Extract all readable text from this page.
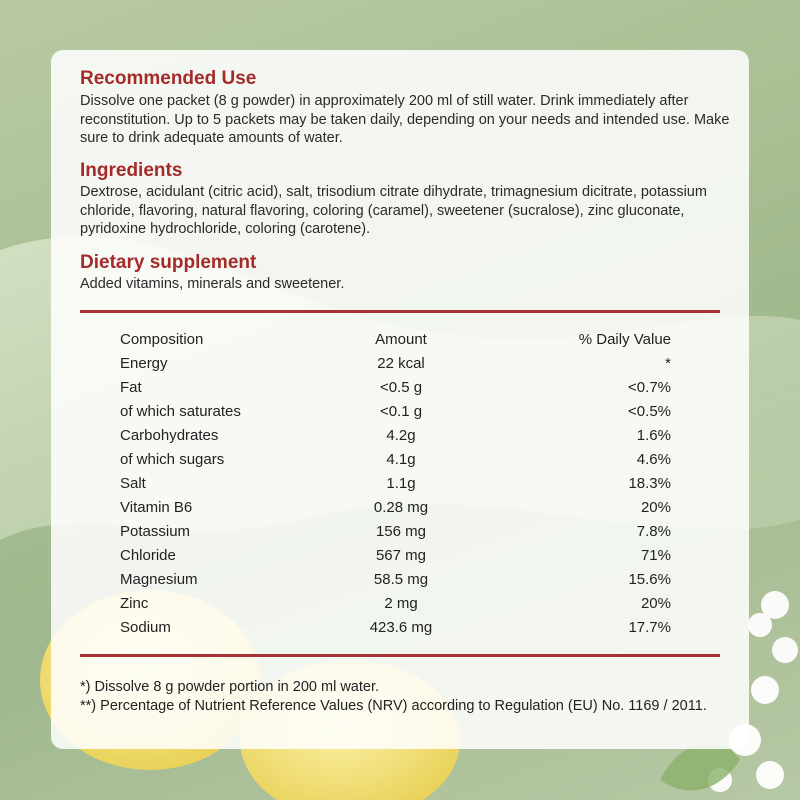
Recommended Use

Dissolve one packet (8 g powder) in approximately 200 ml of still water. Drink immediately after reconstitution. Up to 5 packets may be taken daily, depending on your needs and intended use. Make sure to drink adequate amounts of water.

Ingredients

Dextrose, acidulant (citric acid), salt, trisodium citrate dihydrate, trimagnesium dicitrate, potassium chloride, flavoring, natural flavoring, coloring (caramel), sweetener (sucralose), zinc gluconate, pyridoxine hydrochloride, coloring (carotene).

Dietary supplement

Added vitamins, minerals and sweetener.

Composition	Amount	% Daily Value
Energy	22 kcal	*
Fat	<0.5 g	<0.7%
of which saturates	<0.1 g	<0.5%
Carbohydrates	4.2g	1.6%
of which sugars	4.1g	4.6%
Salt	1.1g	18.3%
Vitamin B6	0.28 mg	20%
Potassium	156 mg	7.8%
Chloride	567 mg	71%
Magnesium	58.5 mg	15.6%
Zinc	2 mg	20%
Sodium	423.6 mg	17.7%

*) Dissolve 8 g powder portion in 200 ml water.

**) Percentage of Nutrient Reference Values (NRV) according to Regulation (EU) No. 1169 / 2011.
